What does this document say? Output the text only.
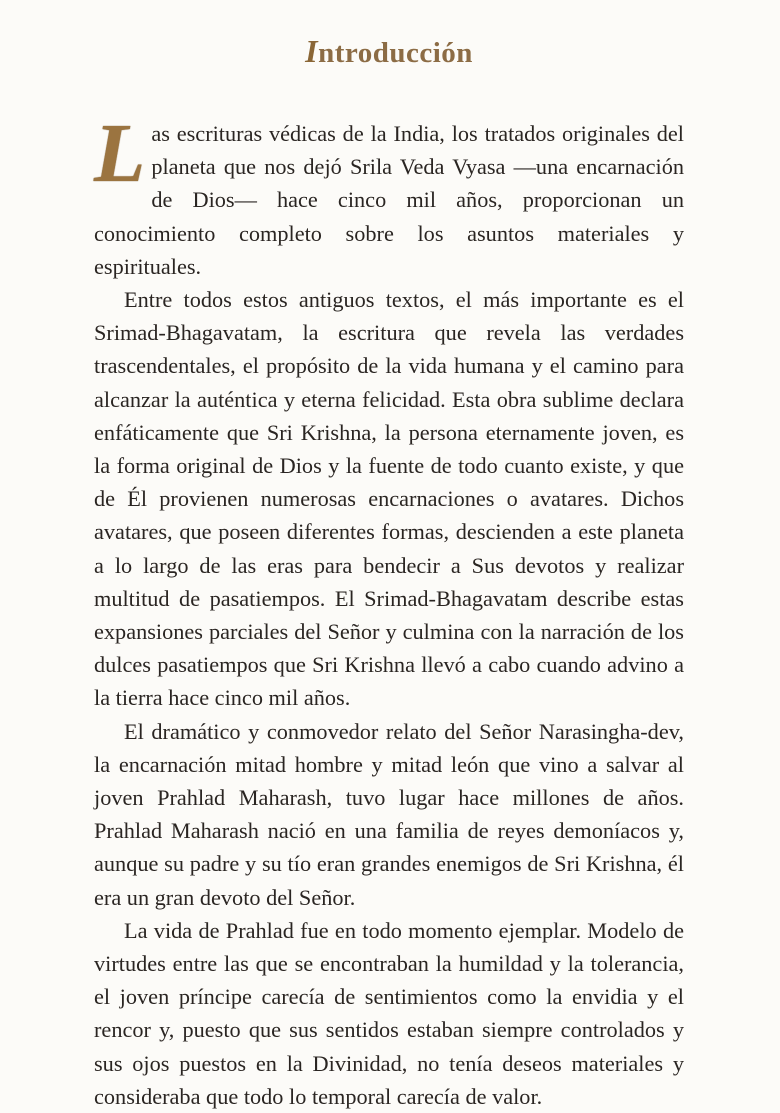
Introducción

Las escrituras védicas de la India, los tratados originales del planeta que nos dejó Srila Veda Vyasa —una encarnación de Dios— hace cinco mil años, proporcionan un conocimiento completo sobre los asuntos materiales y espirituales.

Entre todos estos antiguos textos, el más importante es el Srimad-Bhagavatam, la escritura que revela las verdades trascendentales, el propósito de la vida humana y el camino para alcanzar la auténtica y eterna felicidad. Esta obra sublime declara enfáticamente que Sri Krishna, la persona eternamente joven, es la forma original de Dios y la fuente de todo cuanto existe, y que de Él provienen numerosas encarnaciones o avatares. Dichos avatares, que poseen diferentes formas, descienden a este planeta a lo largo de las eras para bendecir a Sus devotos y realizar multitud de pasatiempos. El Srimad-Bhagavatam describe estas expansiones parciales del Señor y culmina con la narración de los dulces pasatiempos que Sri Krishna llevó a cabo cuando advino a la tierra hace cinco mil años.

El dramático y conmovedor relato del Señor Narasingha-dev, la encarnación mitad hombre y mitad león que vino a salvar al joven Prahlad Maharash, tuvo lugar hace millones de años. Prahlad Maharash nació en una familia de reyes demoníacos y, aunque su padre y su tío eran grandes enemigos de Sri Krishna, él era un gran devoto del Señor.

La vida de Prahlad fue en todo momento ejemplar. Modelo de virtudes entre las que se encontraban la humildad y la tolerancia, el joven príncipe carecía de sentimientos como la envidia y el rencor y, puesto que sus sentidos estaban siempre controlados y sus ojos puestos en la Divinidad, no tenía deseos materiales y consideraba que todo lo temporal carecía de valor.
